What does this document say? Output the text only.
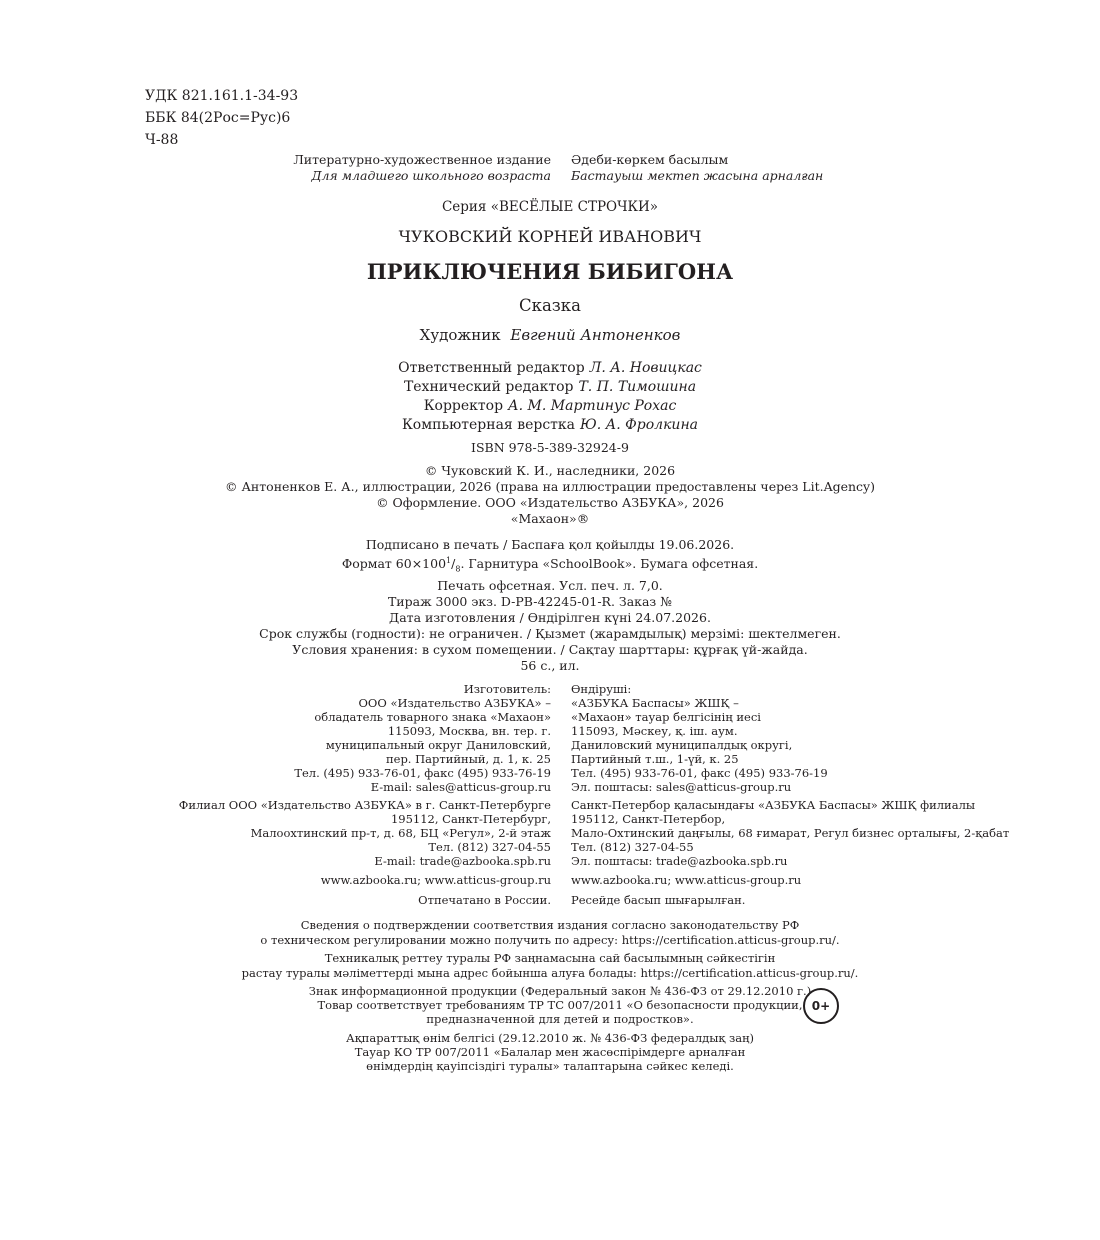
УДК 821.161.1-34-93
ББК 84(2Рос=Рус)6
Ч-88
Литературно-художественное издание Әдеби-көркем басылым
Для младшего школьного возраста Бастауыш мектеп жасына арналған
Серия «ВЕСЁЛЫЕ СТРОЧКИ»
ЧУКОВСКИЙ КОРНЕЙ ИВАНОВИЧ
ПРИКЛЮЧЕНИЯ БИБИГОНА
Сказка
Художник Евгений Антоненков
Ответственный редактор Л. А. Новицкас
Технический редактор Т. П. Тимошина
Корректор А. М. Мартинус Рохас
Компьютерная верстка Ю. А. Фролкина
ISBN 978-5-389-32924-9
© Чуковский К. И., наследники, 2026
© Антоненков Е. А., иллюстрации, 2026 (права на иллюстрации предоставлены через Lit.Agency)
© Оформление. ООО «Издательство АЗБУКА», 2026
«Махаон»®
Подписано в печать / Баспаға қол қойылды 19.06.2026.
Формат $60\times 100^1/_8$. Гарнитура «SchoolBook». Бумага офсетная.
Печать офсетная. Усл. печ. л. 7,0.
Тираж 3000 экз. D-PB-42245-01-R. Заказ №
Дата изготовления / Өндірілген күні 24.07.2026.
Срок службы (годности): не ограничен. / Қызмет (жарамдылық) мерзімі: шектелмеген.
Условия хранения: в сухом помещении. / Сақтау шарттары: құрғақ үй-жайда.
56 с., ил.
Изготовитель:
ООО «Издательство АЗБУКА» –
обладатель товарного знака «Махаон»
115093, Москва, вн. тер. г.
муниципальный округ Даниловский,
пер. Партийный, д. 1, к. 25
Тел. (495) 933-76-01, факс (495) 933-76-19
E-mail: sales@atticus-group.ru
Өндіруші:
«АЗБУКА Баспасы» ЖШҚ –
«Махаон» тауар белгісінің иесі
115093, Мәскеу, қ. іш. аум.
Даниловский муниципалдық округі,
Партийный т.ш., 1-үй, к. 25
Тел. (495) 933-76-01, факс (495) 933-76-19
Эл. поштасы: sales@atticus-group.ru
Филиал ООО «Издательство АЗБУКА» в г. Санкт-Петербурге
195112, Санкт-Петербург,
Малоохтинский пр-т, д. 68, БЦ «Регул», 2-й этаж
Тел. (812) 327-04-55
E-mail: trade@azbooka.spb.ru
Санкт-Петербор қаласындағы «АЗБУКА Баспасы» ЖШҚ филиалы
195112, Санкт-Петербор,
Мало-Охтинский даңғылы, 68 ғимарат, Регул бизнес орталығы, 2-қабат
Тел. (812) 327-04-55
Эл. поштасы: trade@azbooka.spb.ru
www.azbooka.ru; www.atticus-group.ru www.azbooka.ru; www.atticus-group.ru
Отпечатано в России. Ресейде басып шығарылған.
Сведения о подтверждении соответствия издания согласно законодательству РФ
о техническом регулировании можно получить по адресу: https://certification.atticus-group.ru/.
Техникалық реттеу туралы РФ заңнамасына сай басылымның сәйкестігін
растау туралы мәліметтерді мына адрес бойынша алуға болады: https://certification.atticus-group.ru/.
Знак информационной продукции (Федеральный закон № 436-ФЗ от 29.12.2010 г.)
Товар соответствует требованиям ТР ТС 007/2011 «О безопасности продукции,
предназначенной для детей и подростков».
0+
Ақпараттық өнім белгісі (29.12.2010 ж. № 436-ФЗ федералдық заң)
Тауар КО ТР 007/2011 «Балалар мен жасөспірімдерге арналған
өнімдердің қауіпсіздігі туралы» талаптарына сәйкес келеді.
